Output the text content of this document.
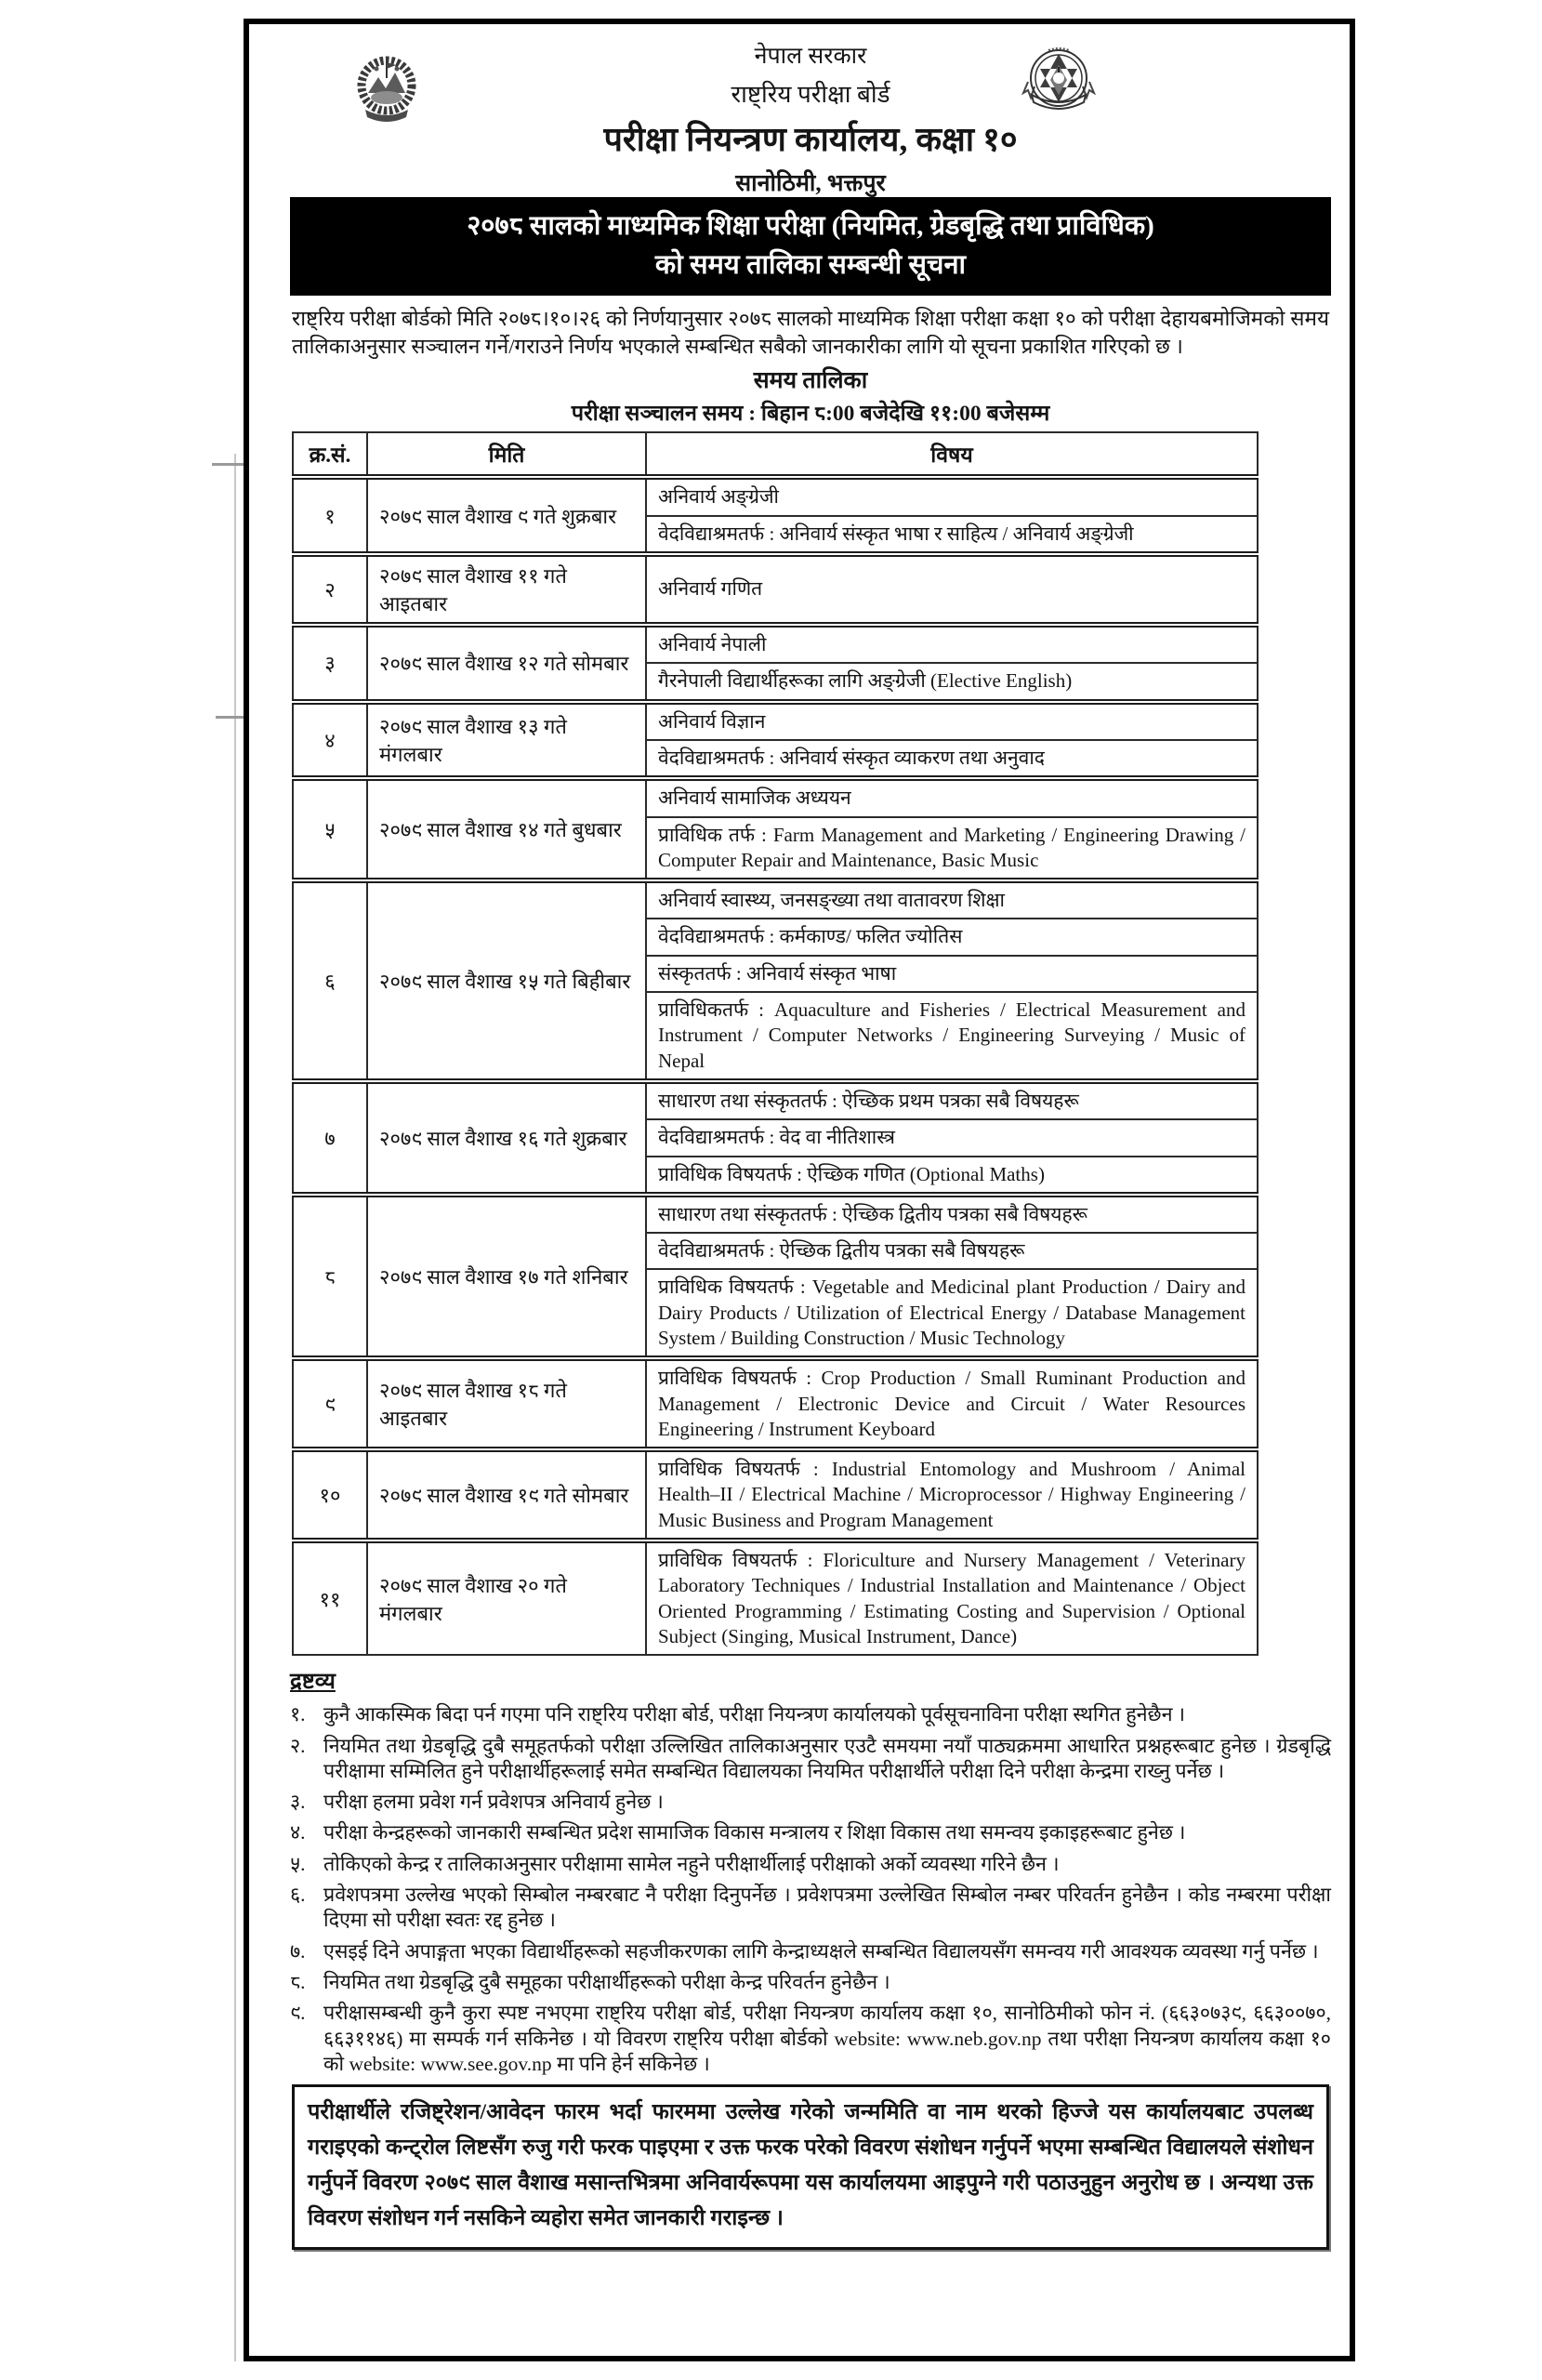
नेपाल सरकार
राष्ट्रिय परीक्षा बोर्ड
परीक्षा नियन्त्रण कार्यालय, कक्षा १०
सानोठिमी, भक्तपुर
२०७८ सालको माध्यमिक शिक्षा परीक्षा (नियमित, ग्रेडबृद्धि तथा प्राविधिक)
को समय तालिका सम्बन्धी सूचना

राष्ट्रिय परीक्षा बोर्डको मिति २०७८।१०।२६ को निर्णयानुसार २०७८ सालको माध्यमिक शिक्षा परीक्षा कक्षा १० को परीक्षा देहायबमोजिमको समय तालिकाअनुसार सञ्चालन गर्ने/गराउने निर्णय भएकाले सम्बन्धित सबैको जानकारीका लागि यो सूचना प्रकाशित गरिएको छ ।

समय तालिका
परीक्षा सञ्चालन समय : बिहान ८:00 बजेदेखि ११:00 बजेसम्म
क्र.सं.	मिति	विषय
१	२०७९ साल वैशाख ९ गते शुक्रबार	अनिवार्य अङ्ग्रेजी
		वेदविद्याश्रमतर्फ : अनिवार्य संस्कृत भाषा र साहित्य / अनिवार्य अङ्ग्रेजी
२	२०७९ साल वैशाख ११ गते आइतबार	अनिवार्य गणित
३	२०७९ साल वैशाख १२ गते सोमबार	अनिवार्य नेपाली
		गैरनेपाली विद्यार्थीहरूका लागि अङ्ग्रेजी (Elective English)
४	२०७९ साल वैशाख १३ गते मंगलबार	अनिवार्य विज्ञान
		वेदविद्याश्रमतर्फ : अनिवार्य संस्कृत व्याकरण तथा अनुवाद
५	२०७९ साल वैशाख १४ गते बुधबार	अनिवार्य सामाजिक अध्ययन
		प्राविधिक तर्फ : Farm Management and Marketing / Engineering Drawing / Computer Repair and Maintenance, Basic Music
६	२०७९ साल वैशाख १५ गते बिहीबार	अनिवार्य स्वास्थ्य, जनसङ्ख्या तथा वातावरण शिक्षा
		वेदविद्याश्रमतर्फ : कर्मकाण्ड/ फलित ज्योतिस
		संस्कृततर्फ : अनिवार्य संस्कृत भाषा
		प्राविधिकतर्फ : Aquaculture and Fisheries / Electrical Measurement and Instrument / Computer Networks / Engineering Surveying / Music of Nepal
७	२०७९ साल वैशाख १६ गते शुक्रबार	साधारण तथा संस्कृततर्फ : ऐच्छिक प्रथम पत्रका सबै विषयहरू
		वेदविद्याश्रमतर्फ : वेद वा नीतिशास्त्र
		प्राविधिक विषयतर्फ : ऐच्छिक गणित (Optional Maths)
८	२०७९ साल वैशाख १७ गते शनिबार	साधारण तथा संस्कृततर्फ : ऐच्छिक द्वितीय पत्रका सबै विषयहरू
		वेदविद्याश्रमतर्फ : ऐच्छिक द्वितीय पत्रका सबै विषयहरू
		प्राविधिक विषयतर्फ : Vegetable and Medicinal plant Production / Dairy and Dairy Products / Utilization of Electrical Energy / Database Management System / Building Construction / Music Technology
९	२०७९ साल वैशाख १८ गते आइतबार	प्राविधिक विषयतर्फ : Crop Production / Small Ruminant Production and Management / Electronic Device and Circuit / Water Resources Engineering / Instrument Keyboard
१०	२०७९ साल वैशाख १९ गते सोमबार	प्राविधिक विषयतर्फ : Industrial Entomology and Mushroom / Animal Health–II / Electrical Machine / Microprocessor / Highway Engineering / Music Business and Program Management
११	२०७९ साल वैशाख २० गते मंगलबार	प्राविधिक विषयतर्फ : Floriculture and Nursery Management / Veterinary Laboratory Techniques / Industrial Installation and Maintenance / Object Oriented Programming / Estimating Costing and Supervision / Optional Subject (Singing, Musical Instrument, Dance)
द्रष्टव्य
१. कुनै आकस्मिक बिदा पर्न गएमा पनि राष्ट्रिय परीक्षा बोर्ड, परीक्षा नियन्त्रण कार्यालयको पूर्वसूचनाविना परीक्षा स्थगित हुनेछैन ।
२. नियमित तथा ग्रेडबृद्धि दुबै समूहतर्फको परीक्षा उल्लिखित तालिकाअनुसार एउटै समयमा नयाँ पाठ्यक्रममा आधारित प्रश्नहरूबाट हुनेछ । ग्रेडबृद्धि परीक्षामा सम्मिलित हुने परीक्षार्थीहरूलाई समेत सम्बन्धित विद्यालयका नियमित परीक्षार्थीले परीक्षा दिने परीक्षा केन्द्रमा राख्नु पर्नेछ ।
३. परीक्षा हलमा प्रवेश गर्न प्रवेशपत्र अनिवार्य हुनेछ ।
४. परीक्षा केन्द्रहरूको जानकारी सम्बन्धित प्रदेश सामाजिक विकास मन्त्रालय र शिक्षा विकास तथा समन्वय इकाइहरूबाट हुनेछ ।
५. तोकिएको केन्द्र र तालिकाअनुसार परीक्षामा सामेल नहुने परीक्षार्थीलाई परीक्षाको अर्को व्यवस्था गरिने छैन ।
६. प्रवेशपत्रमा उल्लेख भएको सिम्बोल नम्बरबाट नै परीक्षा दिनुपर्नेछ । प्रवेशपत्रमा उल्लेखित सिम्बोल नम्बर परिवर्तन हुनेछैन । कोड नम्बरमा परीक्षा दिएमा सो परीक्षा स्वतः रद्द हुनेछ ।
७. एसइई दिने अपाङ्गता भएका विद्यार्थीहरूको सहजीकरणका लागि केन्द्राध्यक्षले सम्बन्धित विद्यालयसँग समन्वय गरी आवश्यक व्यवस्था गर्नु पर्नेछ ।
८. नियमित तथा ग्रेडबृद्धि दुबै समूहका परीक्षार्थीहरूको परीक्षा केन्द्र परिवर्तन हुनेछैन ।
९. परीक्षासम्बन्धी कुनै कुरा स्पष्ट नभएमा राष्ट्रिय परीक्षा बोर्ड, परीक्षा नियन्त्रण कार्यालय कक्षा १०, सानोठिमीको फोन नं. (६६३०७३९, ६६३००७०, ६६३११४६) मा सम्पर्क गर्न सकिनेछ । यो विवरण राष्ट्रिय परीक्षा बोर्डको website: www.neb.gov.np तथा परीक्षा नियन्त्रण कार्यालय कक्षा १० को website: www.see.gov.np मा पनि हेर्न सकिनेछ ।

परीक्षार्थीले रजिष्ट्रेशन/आवेदन फारम भर्दा फारममा उल्लेख गरेको जन्ममिति वा नाम थरको हिज्जे यस कार्यालयबाट उपलब्ध गराइएको कन्ट्रोल लिष्टसँग रुजु गरी फरक पाइएमा र उक्त फरक परेको विवरण संशोधन गर्नुपर्ने भएमा सम्बन्धित विद्यालयले संशोधन गर्नुपर्ने विवरण २०७९ साल वैशाख मसान्तभित्रमा अनिवार्यरूपमा यस कार्यालयमा आइपुग्ने गरी पठाउनुहुन अनुरोध छ । अन्यथा उक्त विवरण संशोधन गर्न नसकिने व्यहोरा समेत जानकारी गराइन्छ ।
